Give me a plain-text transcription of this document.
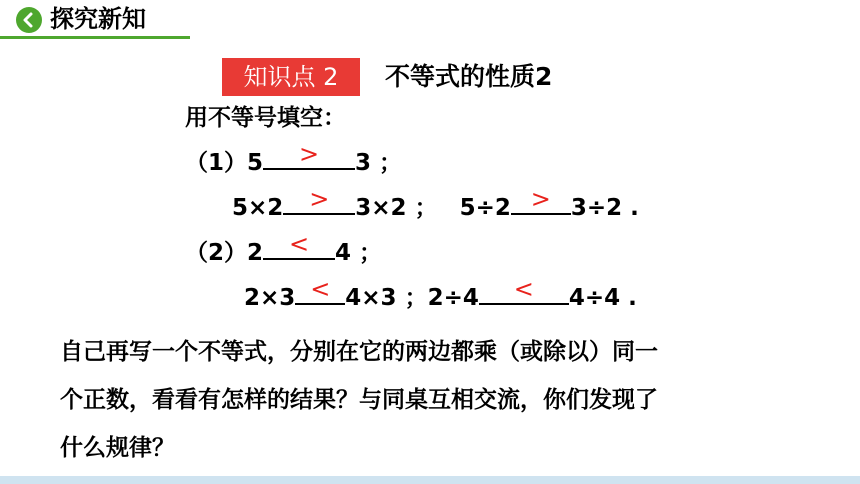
探究新知
知识点 2	不等式的性质2
用不等号填空：
（1）5	>	3 ；
5×2	>	3×2 ； 5÷2 > 3÷2 .
（2）2	<	4 ；
2×3 < 4×3 ；2÷4	<	4÷4 .
自己再写一个不等式，分别在它的两边都乘（或除以）同一
个正数，看看有怎样的结果？与同桌互相交流，你们发现了
什么规律？
